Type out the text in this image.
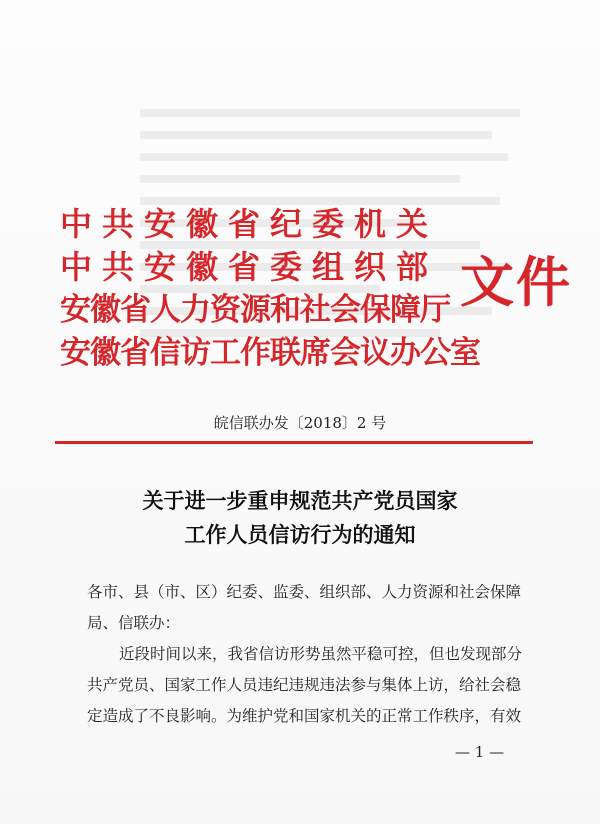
中共安徽省纪委机关
中共安徽省委组织部
安徽省人力资源和社会保障厅
安徽省信访工作联席会议办公室
文件
皖信联办发〔2018〕2 号
关于进一步重申规范共产党员国家
工作人员信访行为的通知
各市、县（市、区）纪委、监委、组织部、人力资源和社会保障局、信联办：
近段时间以来，我省信访形势虽然平稳可控，但也发现部分共产党员、国家工作人员违纪违规违法参与集体上访，给社会稳定造成了不良影响。为维护党和国家机关的正常工作秩序，有效
— 1 —
